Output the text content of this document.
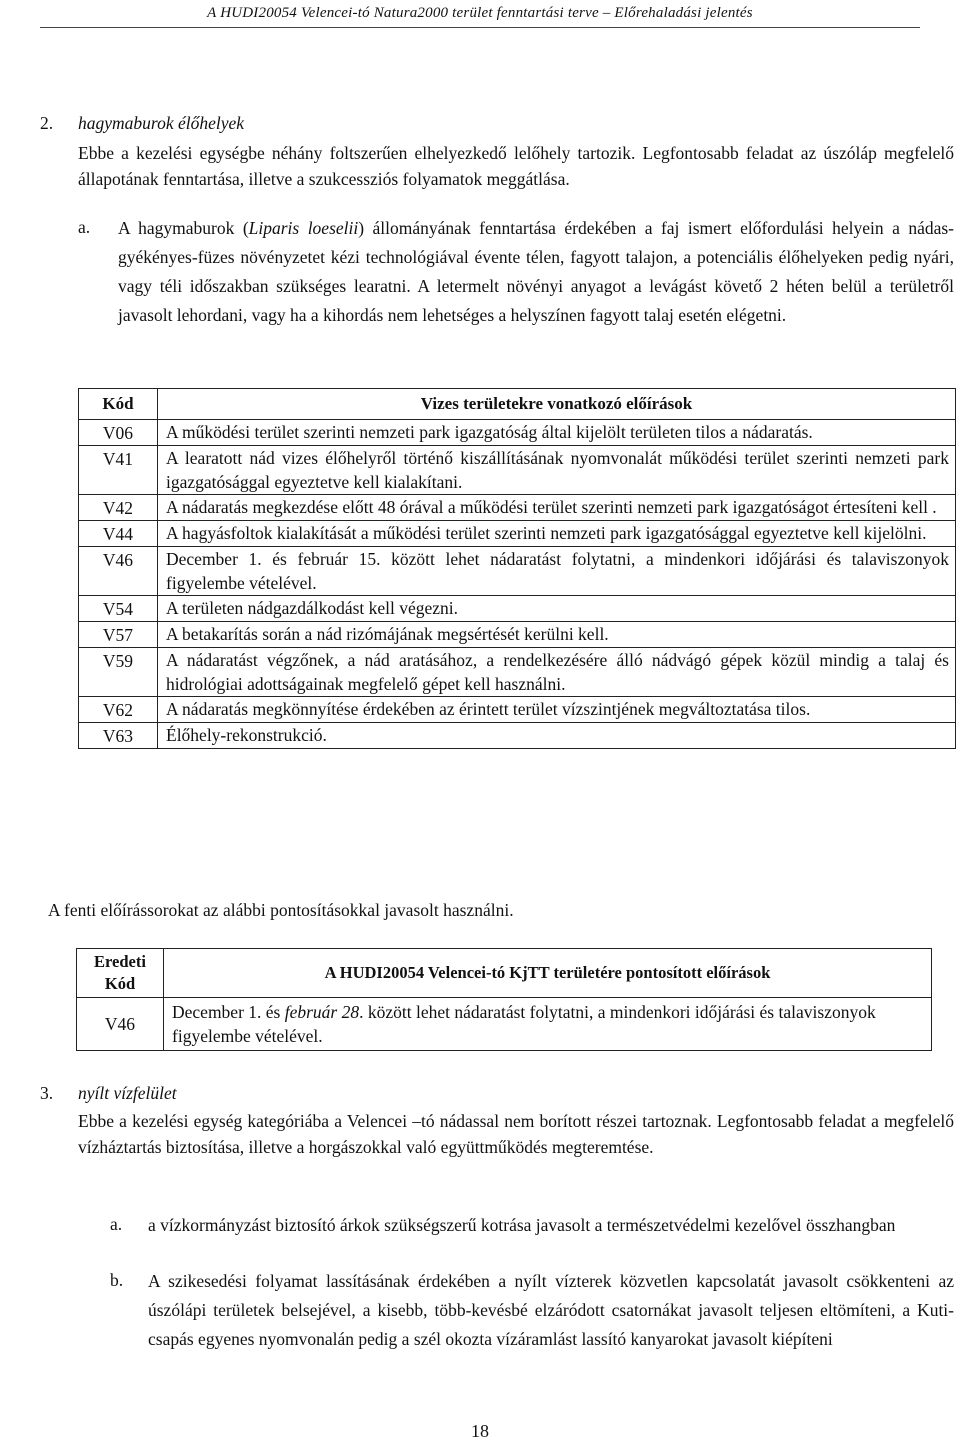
A HUDI20054 Velencei-tó Natura2000 terület fenntartási terve – Előrehaladási jelentés
2. hagymaburok élőhelyek
Ebbe a kezelési egységbe néhány foltszerűen elhelyezkedő lelőhely tartozik. Legfontosabb feladat az úszóláp megfelelő állapotának fenntartása, illetve a szukcessziós folyamatok meggátlása.
a. A hagymaburok (Liparis loeselii) állományának fenntartása érdekében a faj ismert előfordulási helyein a nádas-gyékényes-füzes növényzetet kézi technológiával évente télen, fagyott talajon, a potenciális élőhelyeken pedig nyári, vagy téli időszakban szükséges learatni. A letermelt növényi anyagot a levágást követő 2 héten belül a területről javasolt lehordani, vagy ha a kihordás nem lehetséges a helyszínen fagyott talaj esetén elégetni.
Kód	Vizes területekre vonatkozó előírások
V06	A működési terület szerinti nemzeti park igazgatóság által kijelölt területen tilos a nádaratás.
V41	A learatott nád vizes élőhelyről történő kiszállításának nyomvonalát működési terület szerinti nemzeti park igazgatósággal egyeztetve kell kialakítani.
V42	A nádaratás megkezdése előtt 48 órával a működési terület szerinti nemzeti park igazgatóságot értesíteni kell .
V44	A hagyásfoltok kialakítását a működési terület szerinti nemzeti park igazgatósággal egyeztetve kell kijelölni.
V46	December 1. és február 15. között lehet nádaratást folytatni, a mindenkori időjárási és talaviszonyok figyelembe vételével.
V54	A területen nádgazdálkodást kell végezni.
V57	A betakarítás során a nád rizómájának megsértését kerülni kell.
V59	A nádaratást végzőnek, a nád aratásához, a rendelkezésére álló nádvágó gépek közül mindig a talaj és hidrológiai adottságainak megfelelő gépet kell használni.
V62	A nádaratás megkönnyítése érdekében az érintett terület vízszintjének megváltoztatása tilos.
V63	Élőhely-rekonstrukció.
A fenti előírássorokat az alábbi pontosításokkal javasolt használni.
Eredeti Kód	A HUDI20054 Velencei-tó KjTT területére pontosított előírások
V46	December 1. és február 28. között lehet nádaratást folytatni, a mindenkori időjárási és talaviszonyok figyelembe vételével.
3. nyílt vízfelület
Ebbe a kezelési egység kategóriába a Velencei –tó nádassal nem borított részei tartoznak. Legfontosabb feladat a megfelelő vízháztartás biztosítása, illetve a horgászokkal való együttműködés megteremtése.
a. a vízkormányzást biztosító árkok szükségszerű kotrása javasolt a természetvédelmi kezelővel összhangban
b. A szikesedési folyamat lassításának érdekében a nyílt vízterek közvetlen kapcsolatát javasolt csökkenteni az úszólápi területek belsejével, a kisebb, több-kevésbé elzáródott csatornákat javasolt teljesen eltömíteni, a Kuti-csapás egyenes nyomvonalán pedig a szél okozta vízáramlást lassító kanyarokat javasolt kiépíteni
18
